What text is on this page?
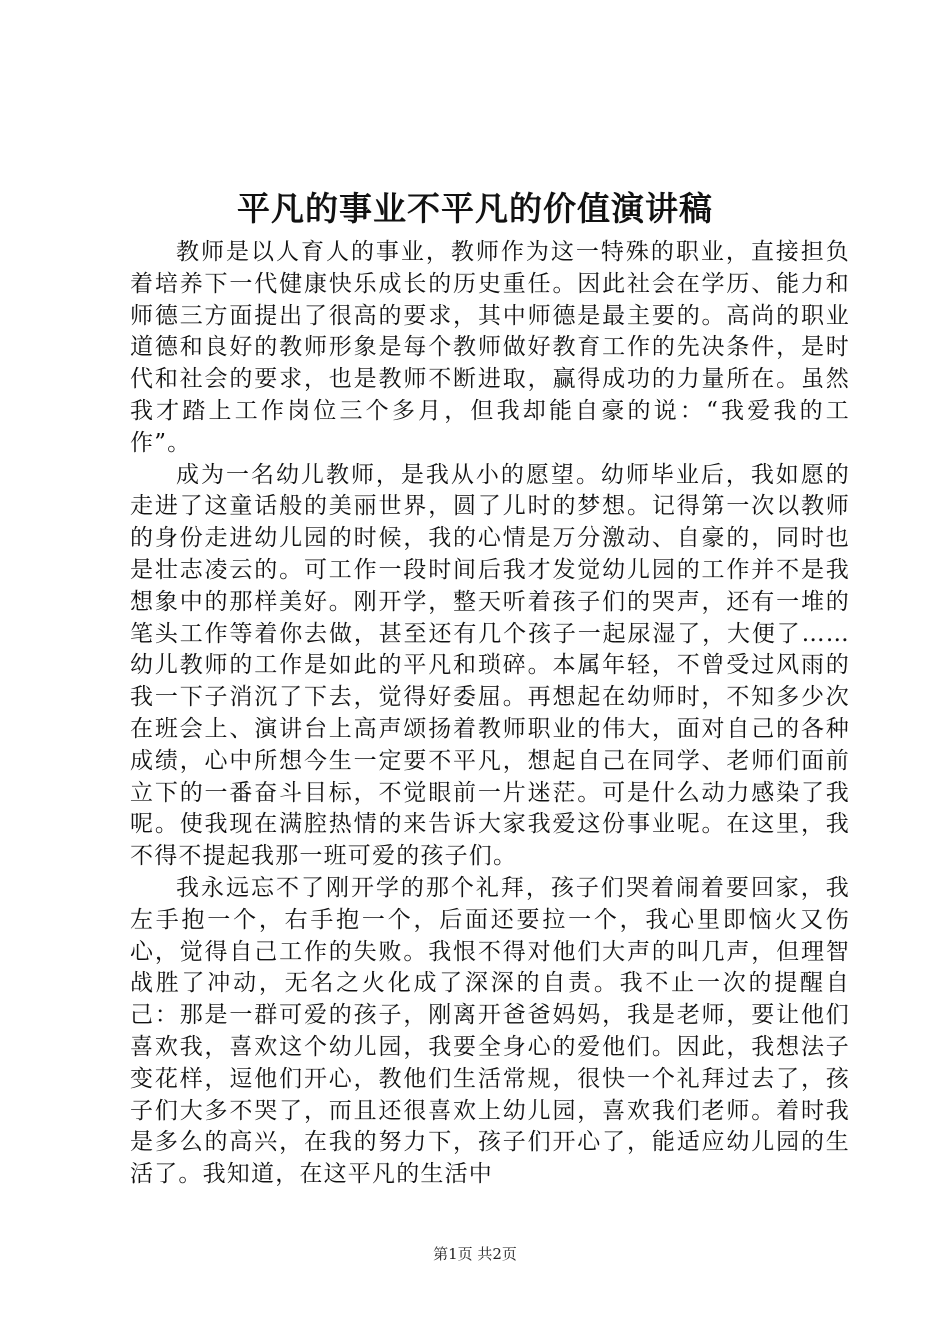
平凡的事业不平凡的价值演讲稿

教师是以人育人的事业，教师作为这一特殊的职业，直接担负着培养下一代健康快乐成长的历史重任。因此社会在学历、能力和师德三方面提出了很高的要求，其中师德是最主要的。高尚的职业道德和良好的教师形象是每个教师做好教育工作的先决条件，是时代和社会的要求，也是教师不断进取，赢得成功的力量所在。虽然我才踏上工作岗位三个多月，但我却能自豪的说：“我爱我的工作”。

成为一名幼儿教师，是我从小的愿望。幼师毕业后，我如愿的走进了这童话般的美丽世界，圆了儿时的梦想。记得第一次以教师的身份走进幼儿园的时候，我的心情是万分激动、自豪的，同时也是壮志凌云的。可工作一段时间后我才发觉幼儿园的工作并不是我想象中的那样美好。刚开学，整天听着孩子们的哭声，还有一堆的笔头工作等着你去做，甚至还有几个孩子一起尿湿了，大便了……幼儿教师的工作是如此的平凡和琐碎。本属年轻，不曾受过风雨的我一下子消沉了下去，觉得好委屈。再想起在幼师时，不知多少次在班会上、演讲台上高声颂扬着教师职业的伟大，面对自己的各种成绩，心中所想今生一定要不平凡，想起自己在同学、老师们面前立下的一番奋斗目标，不觉眼前一片迷茫。可是什么动力感染了我呢。使我现在满腔热情的来告诉大家我爱这份事业呢。在这里，我不得不提起我那一班可爱的孩子们。

我永远忘不了刚开学的那个礼拜，孩子们哭着闹着要回家，我左手抱一个，右手抱一个，后面还要拉一个，我心里即恼火又伤心，觉得自己工作的失败。我恨不得对他们大声的叫几声，但理智战胜了冲动，无名之火化成了深深的自责。我不止一次的提醒自己：那是一群可爱的孩子，刚离开爸爸妈妈，我是老师，要让他们喜欢我，喜欢这个幼儿园，我要全身心的爱他们。因此，我想法子变花样，逗他们开心，教他们生活常规，很快一个礼拜过去了，孩子们大多不哭了，而且还很喜欢上幼儿园，喜欢我们老师。着时我是多么的高兴，在我的努力下，孩子们开心了，能适应幼儿园的生活了。我知道，在这平凡的生活中

第1页 共2页
